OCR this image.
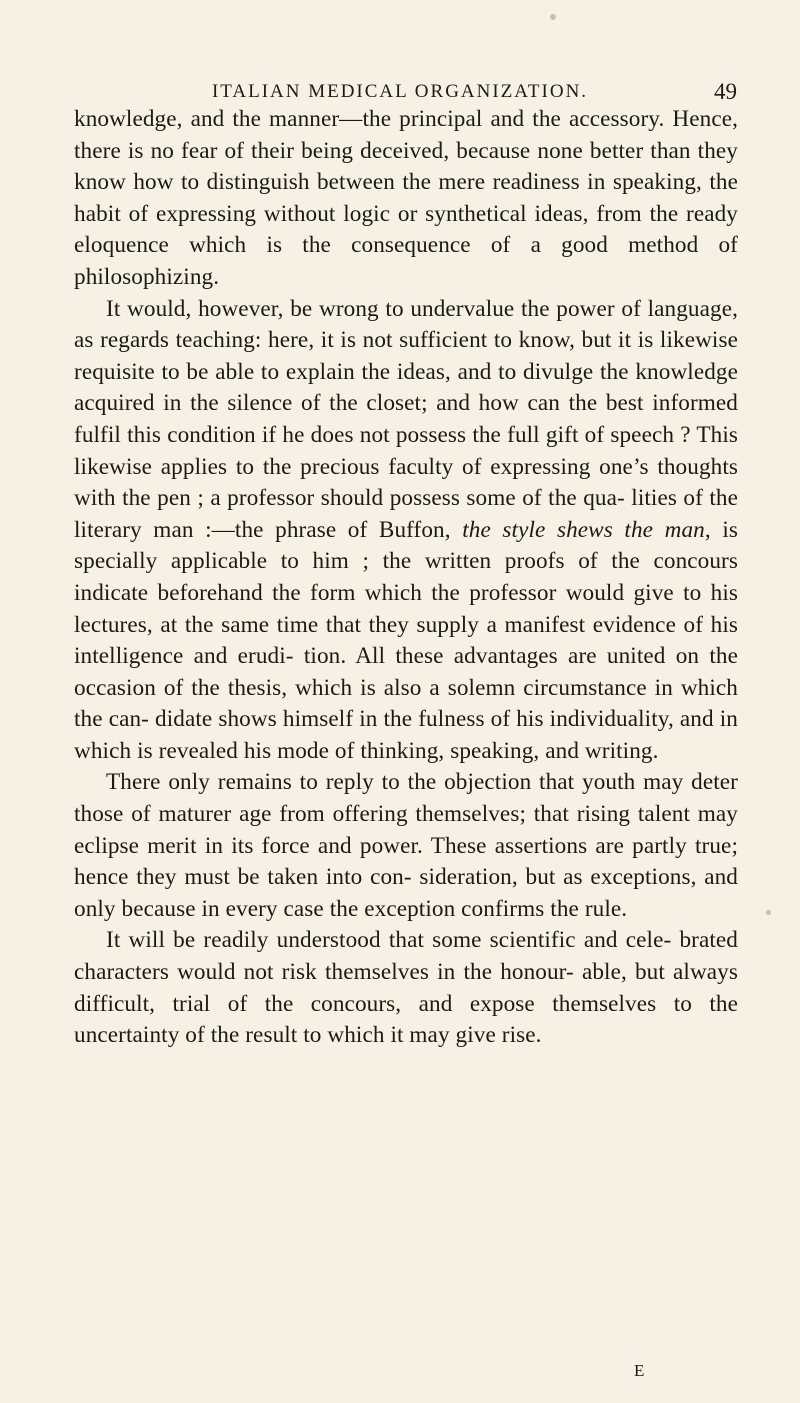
ITALIAN MEDICAL ORGANIZATION.	49

knowledge, and the manner—the principal and the accessory. Hence, there is no fear of their being deceived, because none better than they know how to distinguish between the mere readiness in speaking, the habit of expressing without logic or synthetical ideas, from the ready eloquence which is the consequence of a good method of philosophizing.

It would, however, be wrong to undervalue the power of language, as regards teaching: here, it is not sufficient to know, but it is likewise requisite to be able to explain the ideas, and to divulge the knowledge acquired in the silence of the closet; and how can the best informed fulfil this condition if he does not possess the full gift of speech ? This likewise applies to the precious faculty of expressing one’s thoughts with the pen ; a professor should possess some of the qua- lities of the literary man :—the phrase of Buffon, the style shews the man, is specially applicable to him ; the written proofs of the concours indicate beforehand the form which the professor would give to his lectures, at the same time that they supply a manifest evidence of his intelligence and erudi- tion. All these advantages are united on the occasion of the thesis, which is also a solemn circumstance in which the can- didate shows himself in the fulness of his individuality, and in which is revealed his mode of thinking, speaking, and writing.

There only remains to reply to the objection that youth may deter those of maturer age from offering themselves; that rising talent may eclipse merit in its force and power. These assertions are partly true; hence they must be taken into con- sideration, but as exceptions, and only because in every case the exception confirms the rule.

It will be readily understood that some scientific and cele- brated characters would not risk themselves in the honour- able, but always difficult, trial of the concours, and expose themselves to the uncertainty of the result to which it may give rise.

E
